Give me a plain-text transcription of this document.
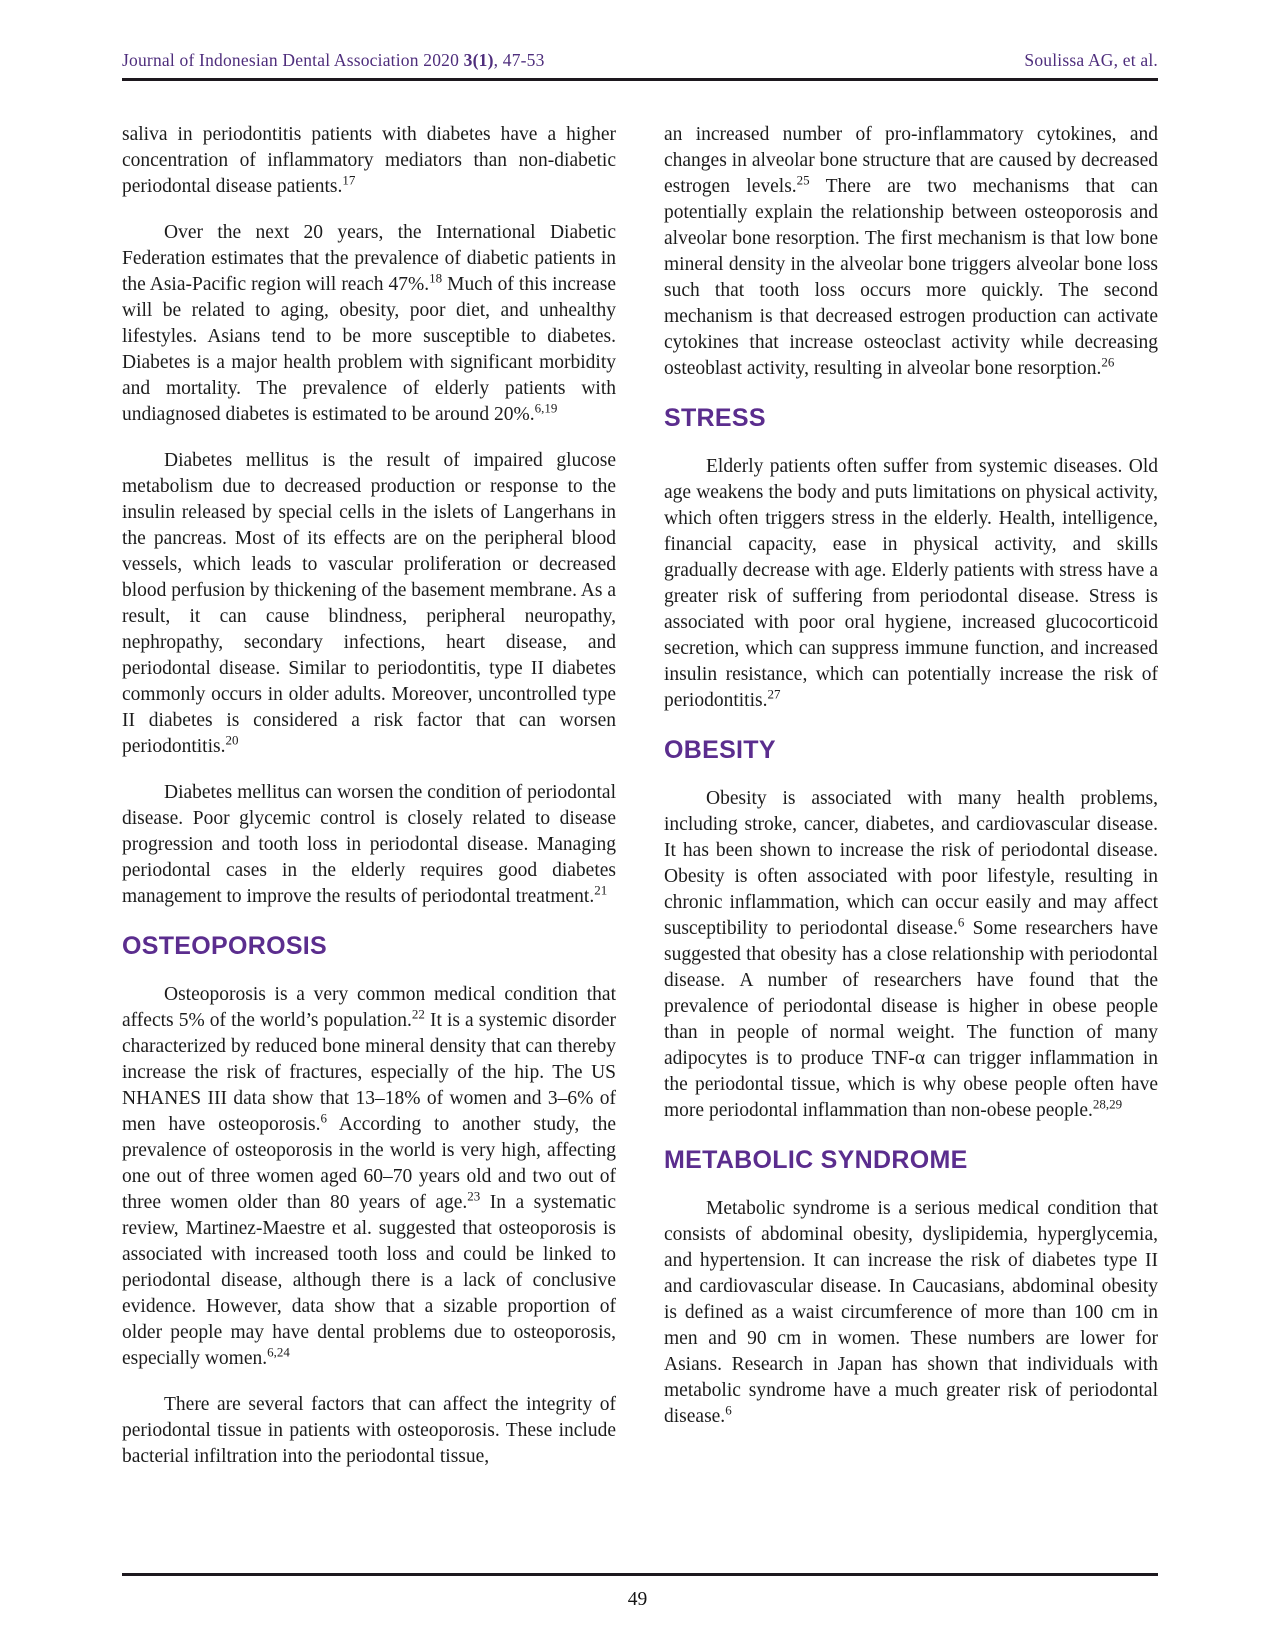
Journal of Indonesian Dental Association 2020 3(1), 47-53	Soulissa AG, et al.

saliva in periodontitis patients with diabetes have a higher concentration of inflammatory mediators than non-diabetic periodontal disease patients.$^{17}$

Over the next 20 years, the International Diabetic Federation estimates that the prevalence of diabetic patients in the Asia-Pacific region will reach 47%.$^{18}$ Much of this increase will be related to aging, obesity, poor diet, and unhealthy lifestyles. Asians tend to be more susceptible to diabetes. Diabetes is a major health problem with significant morbidity and mortality. The prevalence of elderly patients with undiagnosed diabetes is estimated to be around 20%.$^{6,19}$

Diabetes mellitus is the result of impaired glucose metabolism due to decreased production or response to the insulin released by special cells in the islets of Langerhans in the pancreas. Most of its effects are on the peripheral blood vessels, which leads to vascular proliferation or decreased blood perfusion by thickening of the basement membrane. As a result, it can cause blindness, peripheral neuropathy, nephropathy, secondary infections, heart disease, and periodontal disease. Similar to periodontitis, type II diabetes commonly occurs in older adults. Moreover, uncontrolled type II diabetes is considered a risk factor that can worsen periodontitis.$^{20}$

Diabetes mellitus can worsen the condition of periodontal disease. Poor glycemic control is closely related to disease progression and tooth loss in periodontal disease. Managing periodontal cases in the elderly requires good diabetes management to improve the results of periodontal treatment.$^{21}$

OSTEOPOROSIS

Osteoporosis is a very common medical condition that affects 5% of the world’s population.$^{22}$ It is a systemic disorder characterized by reduced bone mineral density that can thereby increase the risk of fractures, especially of the hip. The US NHANES III data show that 13–18% of women and 3–6% of men have osteoporosis.$^6$ According to another study, the prevalence of osteoporosis in the world is very high, affecting one out of three women aged 60–70 years old and two out of three women older than 80 years of age.$^{23}$ In a systematic review, Martinez-Maestre et al. suggested that osteoporosis is associated with increased tooth loss and could be linked to periodontal disease, although there is a lack of conclusive evidence. However, data show that a sizable proportion of older people may have dental problems due to osteoporosis, especially women.$^{6,24}$

There are several factors that can affect the integrity of periodontal tissue in patients with osteoporosis. These include bacterial infiltration into the periodontal tissue,

an increased number of pro-inflammatory cytokines, and changes in alveolar bone structure that are caused by decreased estrogen levels.$^{25}$ There are two mechanisms that can potentially explain the relationship between osteoporosis and alveolar bone resorption. The first mechanism is that low bone mineral density in the alveolar bone triggers alveolar bone loss such that tooth loss occurs more quickly. The second mechanism is that decreased estrogen production can activate cytokines that increase osteoclast activity while decreasing osteoblast activity, resulting in alveolar bone resorption.$^{26}$

STRESS

Elderly patients often suffer from systemic diseases. Old age weakens the body and puts limitations on physical activity, which often triggers stress in the elderly. Health, intelligence, financial capacity, ease in physical activity, and skills gradually decrease with age. Elderly patients with stress have a greater risk of suffering from periodontal disease. Stress is associated with poor oral hygiene, increased glucocorticoid secretion, which can suppress immune function, and increased insulin resistance, which can potentially increase the risk of periodontitis.$^{27}$

OBESITY

Obesity is associated with many health problems, including stroke, cancer, diabetes, and cardiovascular disease. It has been shown to increase the risk of periodontal disease. Obesity is often associated with poor lifestyle, resulting in chronic inflammation, which can occur easily and may affect susceptibility to periodontal disease.$^6$ Some researchers have suggested that obesity has a close relationship with periodontal disease. A number of researchers have found that the prevalence of periodontal disease is higher in obese people than in people of normal weight. The function of many adipocytes is to produce TNF-α can trigger inflammation in the periodontal tissue, which is why obese people often have more periodontal inflammation than non-obese people.$^{28,29}$

METABOLIC SYNDROME

Metabolic syndrome is a serious medical condition that consists of abdominal obesity, dyslipidemia, hyperglycemia, and hypertension. It can increase the risk of diabetes type II and cardiovascular disease. In Caucasians, abdominal obesity is defined as a waist circumference of more than 100 cm in men and 90 cm in women. These numbers are lower for Asians. Research in Japan has shown that individuals with metabolic syndrome have a much greater risk of periodontal disease.$^6$

49
